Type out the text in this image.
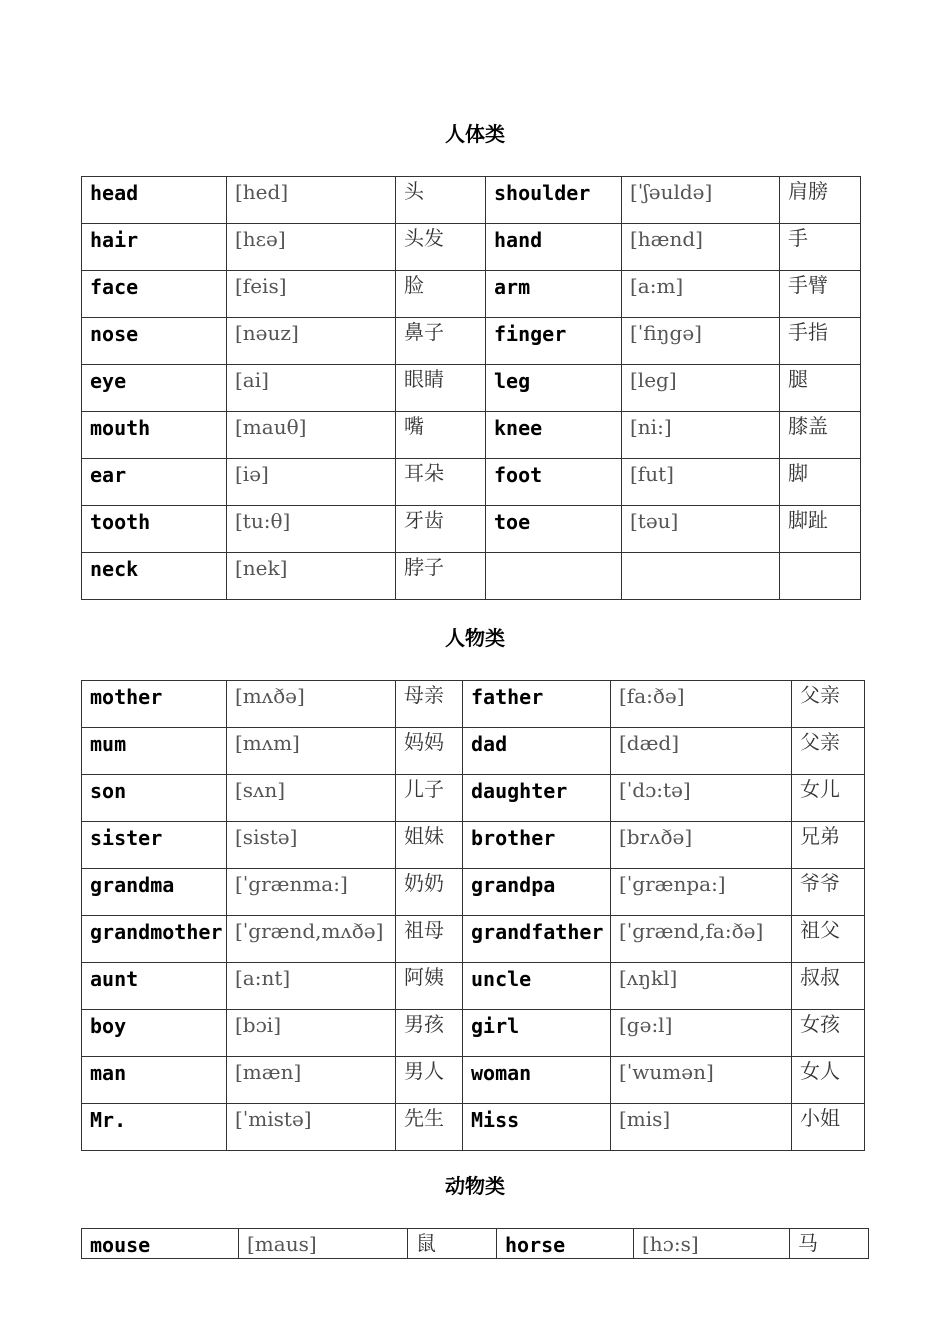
人体类
head	[hed]	头	shoulder	[ˈʃəuldə]	肩膀
hair	[hɛə]	头发	hand	[hænd]	手
face	[feis]	脸	arm	[a:m]	手臂
nose	[nəuz]	鼻子	finger	[ˈfiŋgə]	手指
eye	[ai]	眼睛	leg	[leg]	腿
mouth	[mauθ]	嘴	knee	[ni:]	膝盖
ear	[iə]	耳朵	foot	[fut]	脚
tooth	[tu:θ]	牙齿	toe	[təu]	脚趾
neck	[nek]	脖子			
人物类
mother	[mʌðə]	母亲	father	[fa:ðə]	父亲
mum	[mʌm]	妈妈	dad	[dæd]	父亲
son	[sʌn]	儿子	daughter	[ˈdɔ:tə]	女儿
sister	[sistə]	姐妹	brother	[brʌðə]	兄弟
grandma	[ˈgrænma:]	奶奶	grandpa	[ˈgrænpa:]	爷爷
grandmother	[ˈgrænd,mʌðə]	祖母	grandfather	[ˈgrænd,fa:ðə]	祖父
aunt	[a:nt]	阿姨	uncle	[ʌŋkl]	叔叔
boy	[bɔi]	男孩	girl	[gə:l]	女孩
man	[mæn]	男人	woman	[ˈwumən]	女人
Mr.	[ˈmistə]	先生	Miss	[mis]	小姐
动物类
mouse	[maus]	鼠	horse	[hɔ:s]	马
